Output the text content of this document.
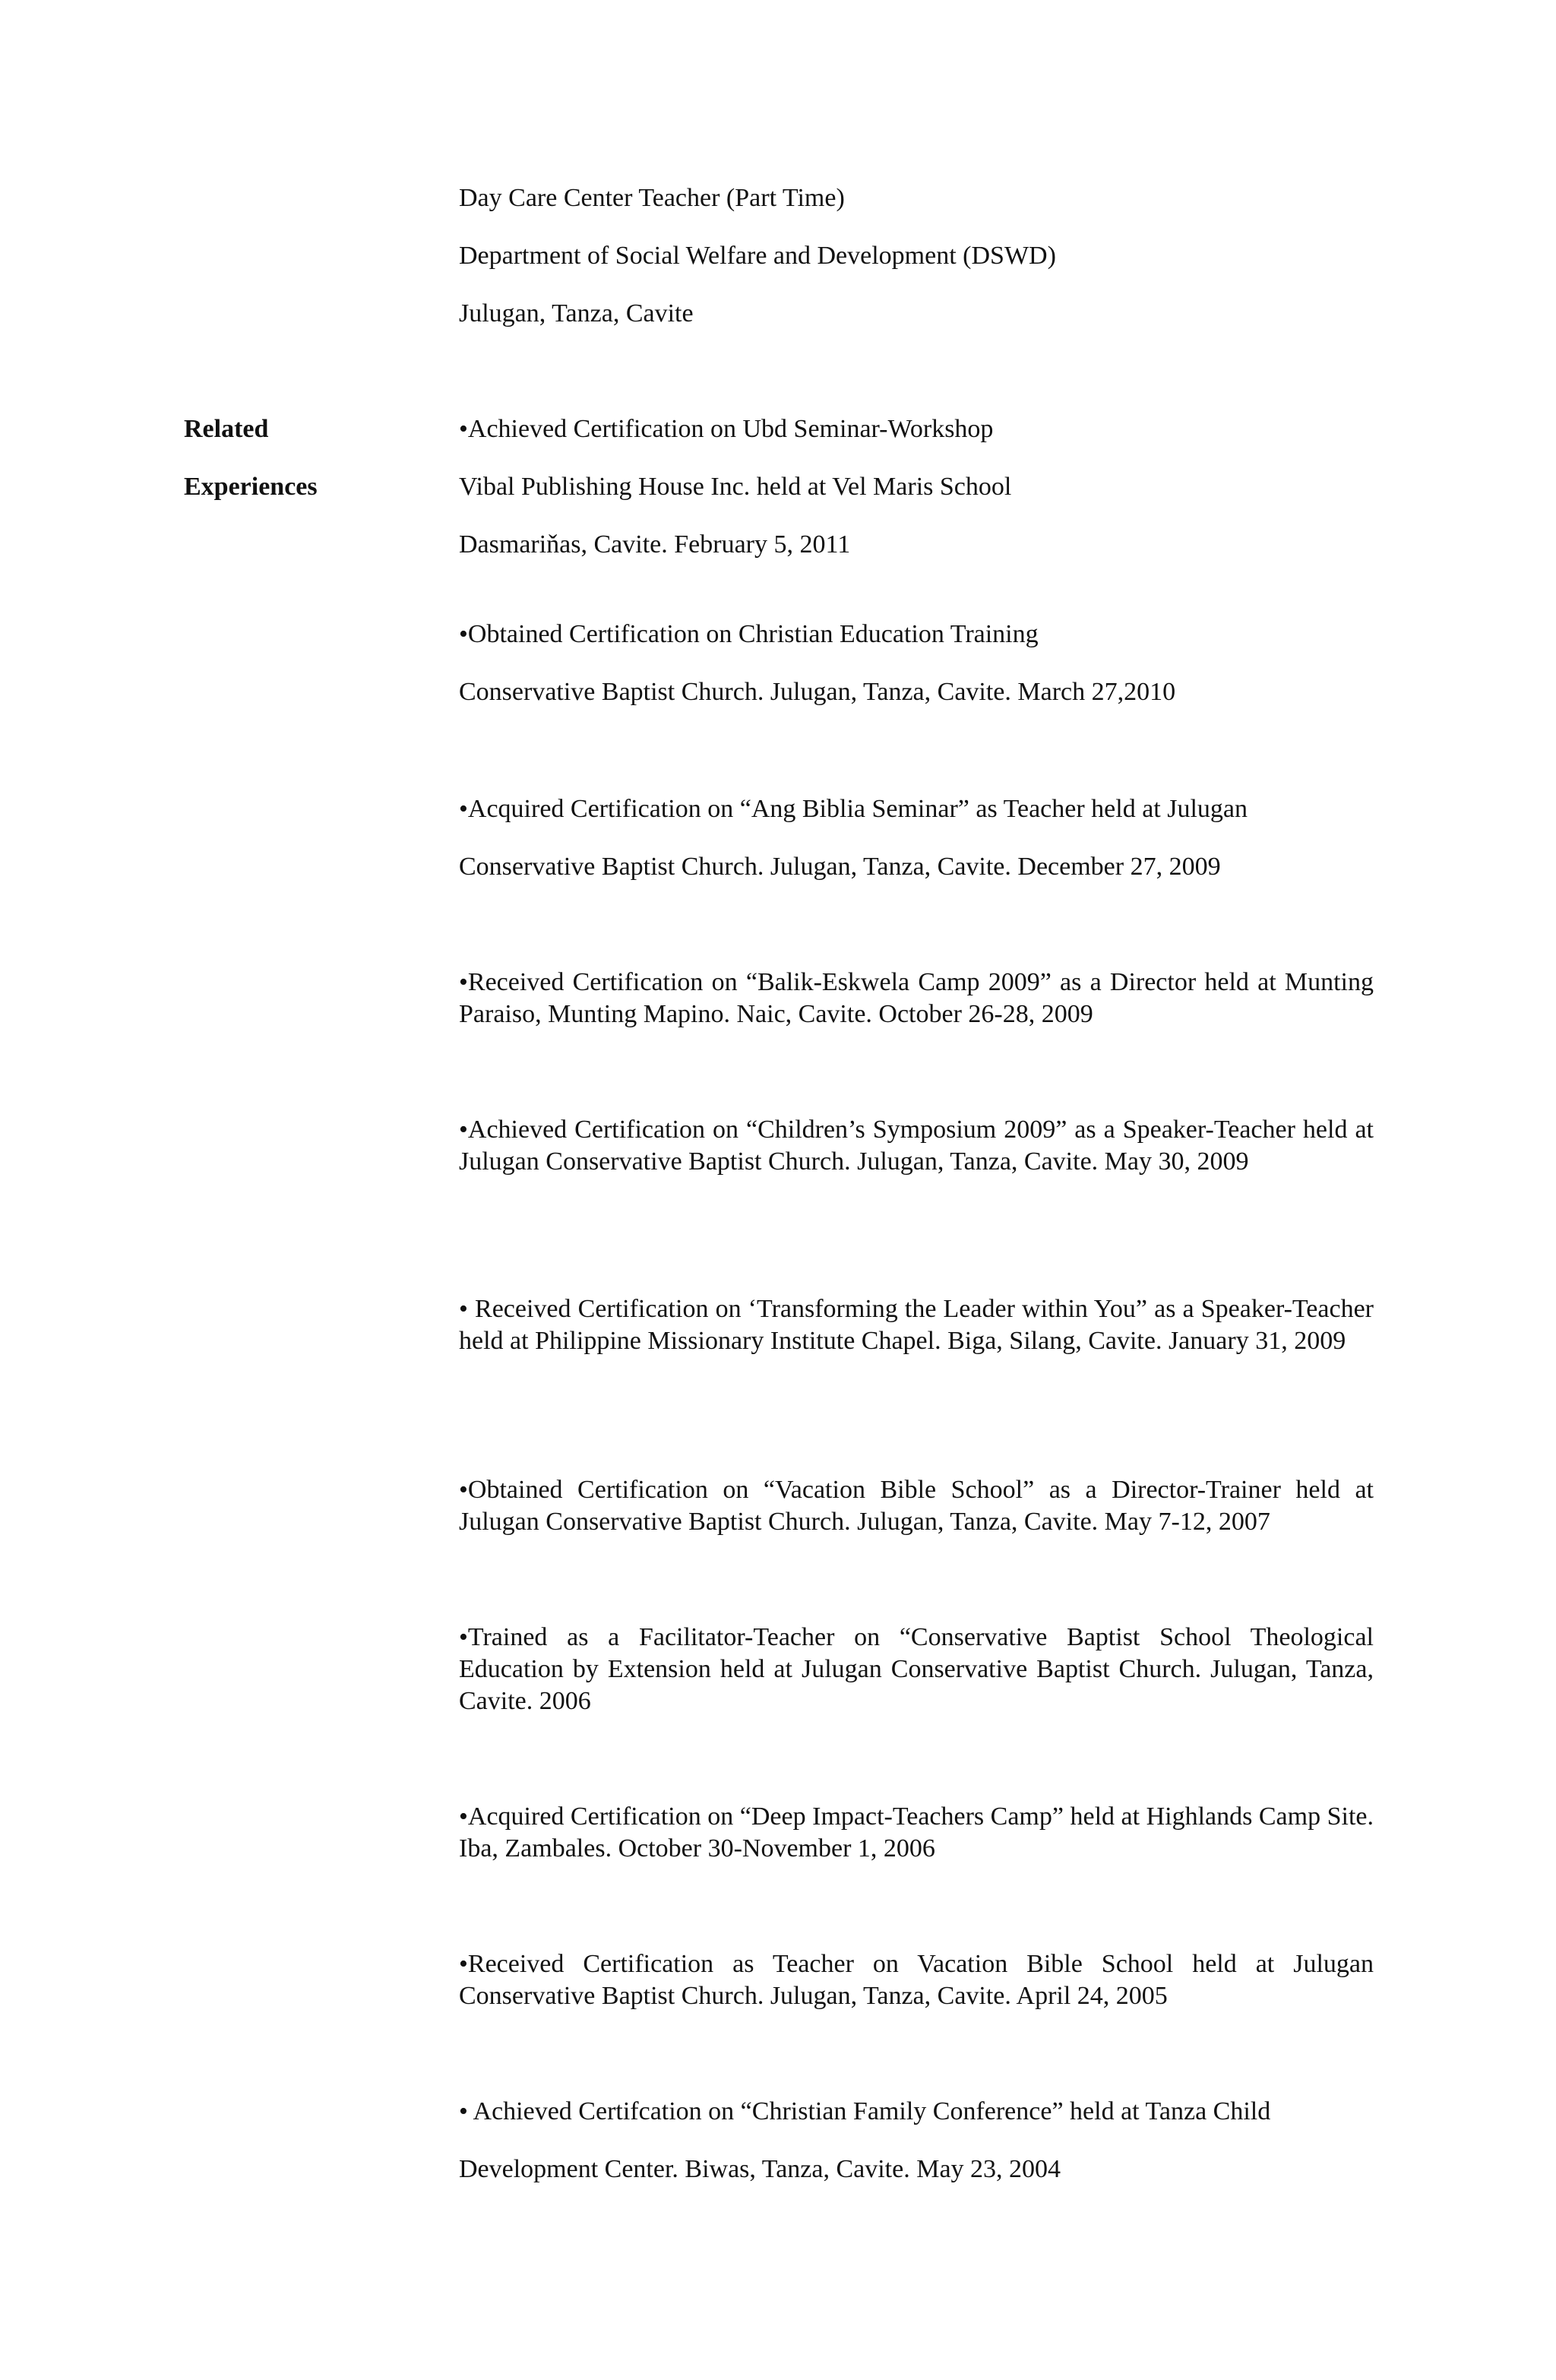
Day Care Center Teacher (Part Time)
Department of Social Welfare and Development (DSWD)
Julugan, Tanza, Cavite
Related
Experiences
•Achieved Certification on Ubd Seminar-Workshop
Vibal Publishing House Inc. held at Vel Maris School
Dasmariňas, Cavite. February 5, 2011
•Obtained Certification on Christian Education Training
Conservative Baptist Church. Julugan, Tanza, Cavite. March 27,2010
•Acquired Certification on “Ang Biblia Seminar” as Teacher held at Julugan
Conservative Baptist Church. Julugan, Tanza, Cavite. December 27, 2009
•Received Certification on “Balik-Eskwela Camp 2009” as a Director held at Munting Paraiso, Munting Mapino. Naic, Cavite. October 26-28, 2009
•Achieved Certification on “Children’s Symposium 2009” as a Speaker-Teacher held at Julugan Conservative Baptist Church. Julugan, Tanza, Cavite. May 30, 2009
• Received Certification on ‘Transforming the Leader within You” as a Speaker-Teacher held at Philippine Missionary Institute Chapel. Biga, Silang, Cavite. January 31, 2009
•Obtained Certification on “Vacation Bible School” as a Director-Trainer held at Julugan Conservative Baptist Church. Julugan, Tanza, Cavite. May 7-12, 2007
•Trained as a Facilitator-Teacher on “Conservative Baptist School Theological Education by Extension held at Julugan Conservative Baptist Church. Julugan, Tanza, Cavite. 2006
•Acquired Certification on “Deep Impact-Teachers Camp” held at Highlands Camp Site. Iba, Zambales. October 30-November 1, 2006
•Received Certification as Teacher on Vacation Bible School held at Julugan Conservative Baptist Church. Julugan, Tanza, Cavite. April 24, 2005
• Achieved Certifcation on “Christian Family Conference” held at Tanza Child
Development Center. Biwas, Tanza, Cavite. May 23, 2004
